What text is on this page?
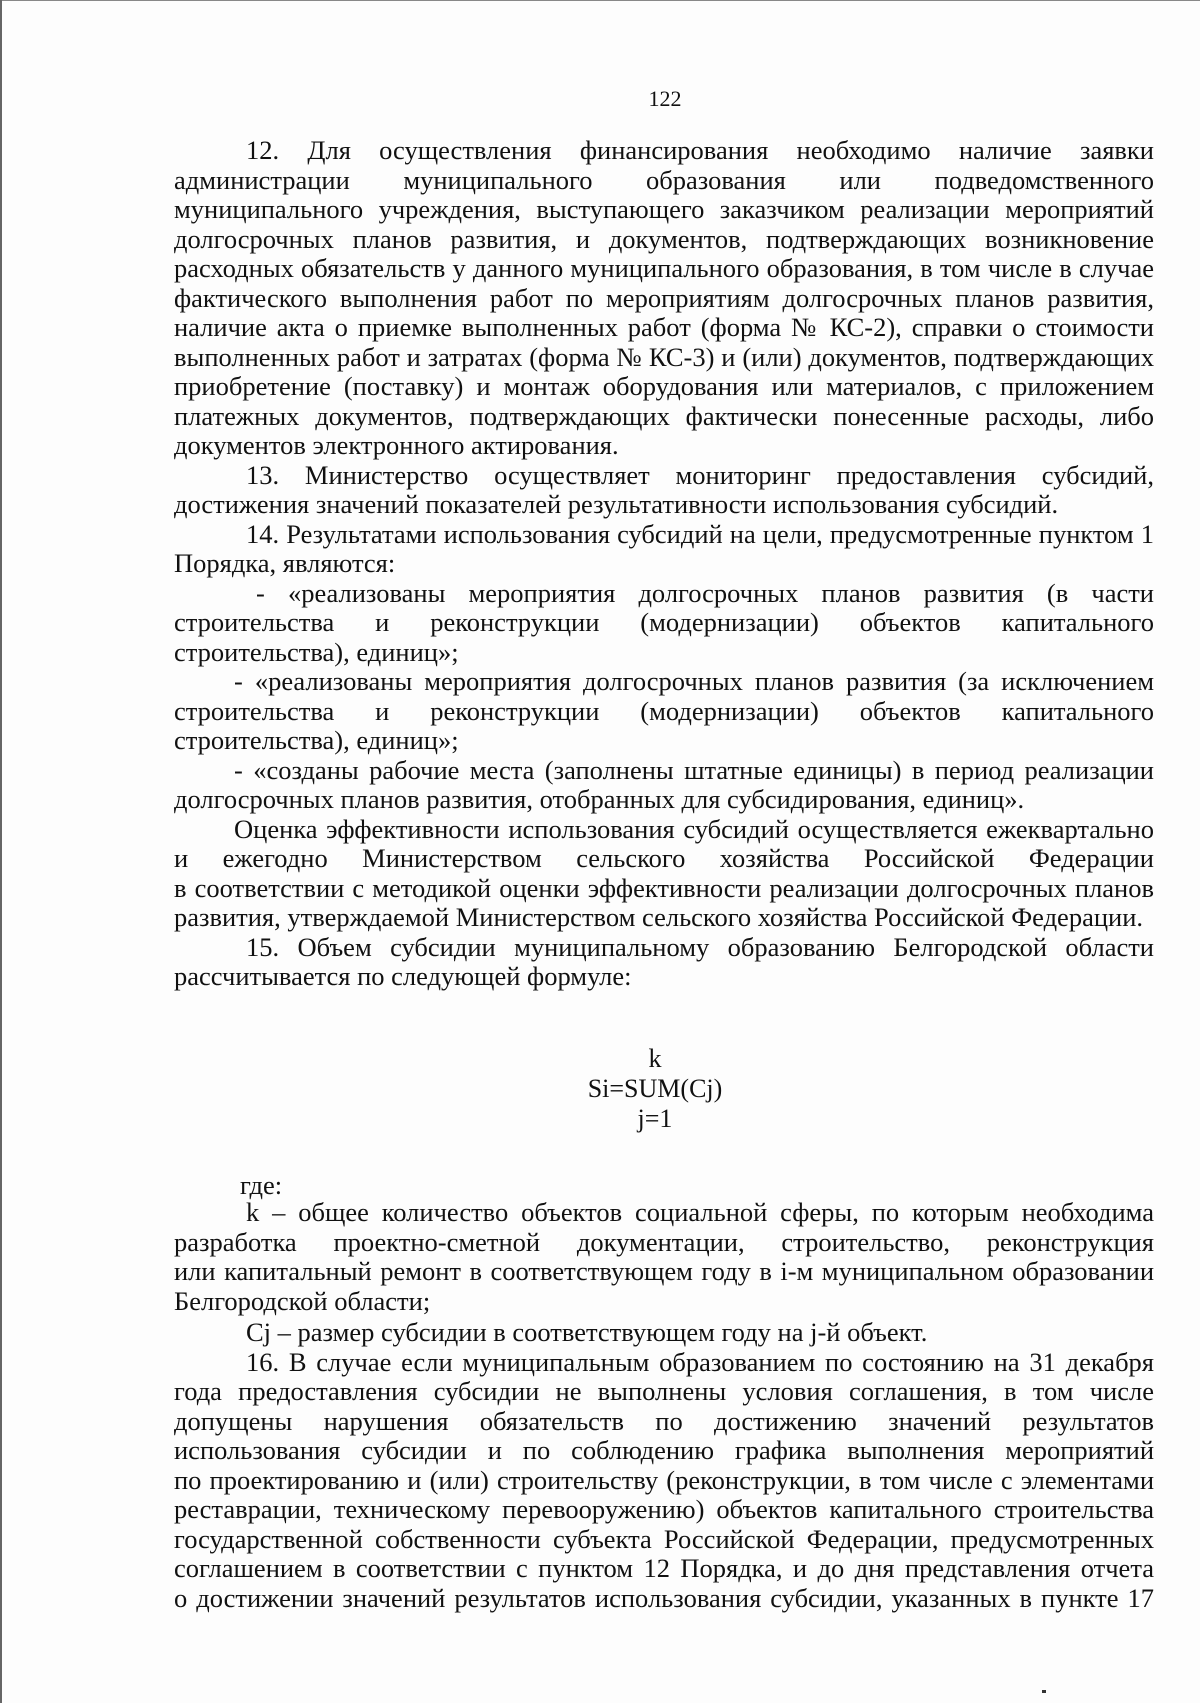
122
12. Для осуществления финансирования необходимо наличие заявки
администрации муниципального образования или подведомственного
муниципального учреждения, выступающего заказчиком реализации мероприятий
долгосрочных планов развития, и документов, подтверждающих возникновение
расходных обязательств у данного муниципального образования, в том числе в случае
фактического выполнения работ по мероприятиям долгосрочных планов развития,
наличие акта о приемке выполненных работ (форма № КС-2), справки о стоимости
выполненных работ и затратах (форма № КС-3) и (или) документов, подтверждающих
приобретение (поставку) и монтаж оборудования или материалов, с приложением
платежных документов, подтверждающих фактически понесенные расходы, либо
документов электронного актирования.
13. Министерство осуществляет мониторинг предоставления субсидий,
достижения значений показателей результативности использования субсидий.
14. Результатами использования субсидий на цели, предусмотренные пунктом 1
Порядка, являются:
- «реализованы мероприятия долгосрочных планов развития (в части
строительства и реконструкции (модернизации) объектов капитального
строительства), единиц»;
- «реализованы мероприятия долгосрочных планов развития (за исключением
строительства и реконструкции (модернизации) объектов капитального
строительства), единиц»;
- «созданы рабочие места (заполнены штатные единицы) в период реализации
долгосрочных планов развития, отобранных для субсидирования, единиц».
Оценка эффективности использования субсидий осуществляется ежеквартально
и ежегодно Министерством сельского хозяйства Российской Федерации
в соответствии с методикой оценки эффективности реализации долгосрочных планов
развития, утверждаемой Министерством сельского хозяйства Российской Федерации.
15. Объем субсидии муниципальному образованию Белгородской области
рассчитывается по следующей формуле:
k
Si=SUM(Cj)
j=1
где:
k – общее количество объектов социальной сферы, по которым необходима
разработка проектно-сметной документации, строительство, реконструкция
или капитальный ремонт в соответствующем году в i-м муниципальном образовании
Белгородской области;
Cj – размер субсидии в соответствующем году на j-й объект.
16. В случае если муниципальным образованием по состоянию на 31 декабря
года предоставления субсидии не выполнены условия соглашения, в том числе
допущены нарушения обязательств по достижению значений результатов
использования субсидии и по соблюдению графика выполнения мероприятий
по проектированию и (или) строительству (реконструкции, в том числе с элементами
реставрации, техническому перевооружению) объектов капитального строительства
государственной собственности субъекта Российской Федерации, предусмотренных
соглашением в соответствии с пунктом 12 Порядка, и до дня представления отчета
о достижении значений результатов использования субсидии, указанных в пункте 17
